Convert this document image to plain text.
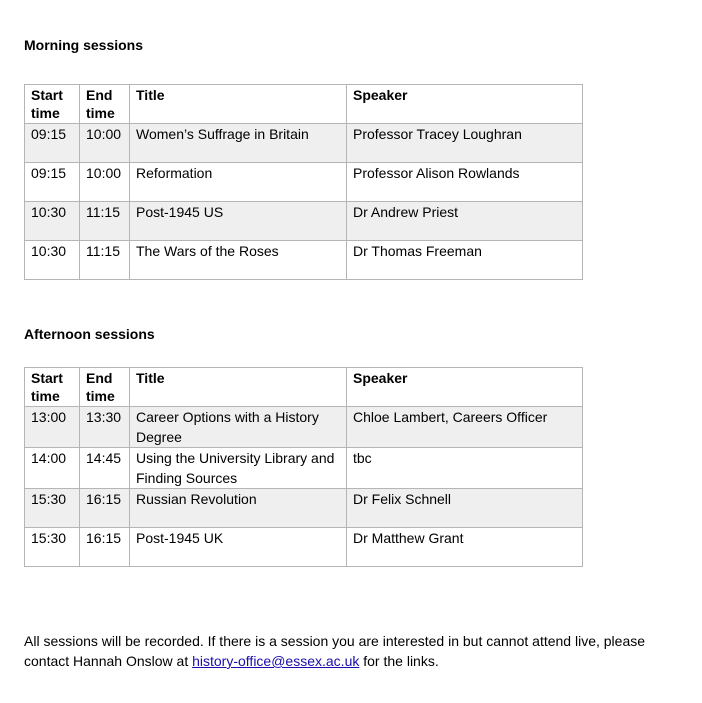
Morning sessions

Start time	End time	Title	Speaker
09:15	10:00	Women’s Suffrage in Britain	Professor Tracey Loughran
09:15	10:00	Reformation	Professor Alison Rowlands
10:30	11:15	Post-1945 US	Dr Andrew Priest
10:30	11:15	The Wars of the Roses	Dr Thomas Freeman

Afternoon sessions

Start time	End time	Title	Speaker
13:00	13:30	Career Options with a History Degree	Chloe Lambert, Careers Officer
14:00	14:45	Using the University Library and Finding Sources	tbc
15:30	16:15	Russian Revolution	Dr Felix Schnell
15:30	16:15	Post-1945 UK	Dr Matthew Grant

All sessions will be recorded. If there is a session you are interested in but cannot attend live, please contact Hannah Onslow at history-office@essex.ac.uk for the links.
